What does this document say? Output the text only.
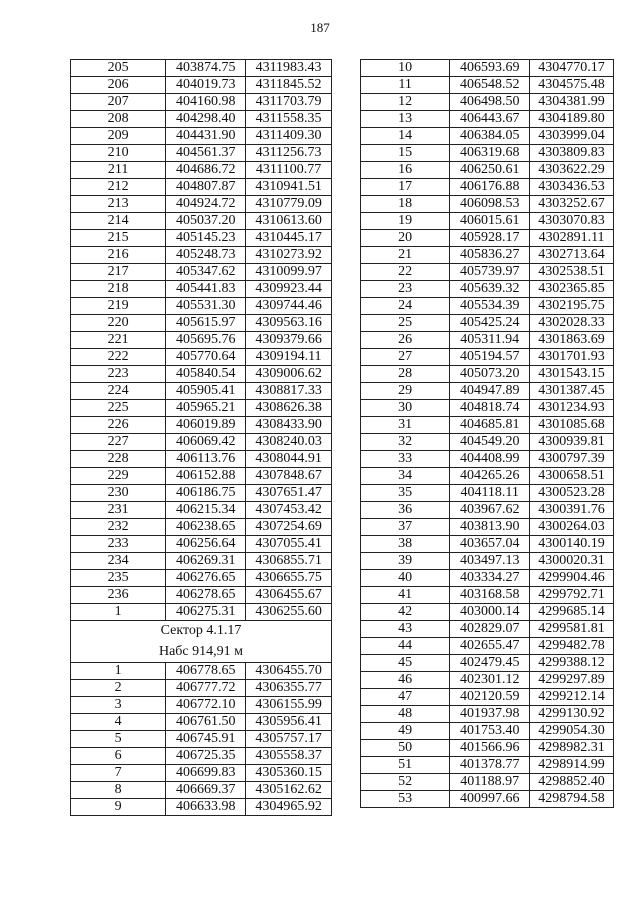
187
205	403874.75	4311983.43
206	404019.73	4311845.52
207	404160.98	4311703.79
208	404298.40	4311558.35
209	404431.90	4311409.30
210	404561.37	4311256.73
211	404686.72	4311100.77
212	404807.87	4310941.51
213	404924.72	4310779.09
214	405037.20	4310613.60
215	405145.23	4310445.17
216	405248.73	4310273.92
217	405347.62	4310099.97
218	405441.83	4309923.44
219	405531.30	4309744.46
220	405615.97	4309563.16
221	405695.76	4309379.66
222	405770.64	4309194.11
223	405840.54	4309006.62
224	405905.41	4308817.33
225	405965.21	4308626.38
226	406019.89	4308433.90
227	406069.42	4308240.03
228	406113.76	4308044.91
229	406152.88	4307848.67
230	406186.75	4307651.47
231	406215.34	4307453.42
232	406238.65	4307254.69
233	406256.64	4307055.41
234	406269.31	4306855.71
235	406276.65	4306655.75
236	406278.65	4306455.67
1	406275.31	4306255.60
Сектор 4.1.17		
Набс 914,91 м		
1	406778.65	4306455.70
2	406777.72	4306355.77
3	406772.10	4306155.99
4	406761.50	4305956.41
5	406745.91	4305757.17
6	406725.35	4305558.37
7	406699.83	4305360.15
8	406669.37	4305162.62
9	406633.98	4304965.92
10	406593.69	4304770.17
11	406548.52	4304575.48
12	406498.50	4304381.99
13	406443.67	4304189.80
14	406384.05	4303999.04
15	406319.68	4303809.83
16	406250.61	4303622.29
17	406176.88	4303436.53
18	406098.53	4303252.67
19	406015.61	4303070.83
20	405928.17	4302891.11
21	405836.27	4302713.64
22	405739.97	4302538.51
23	405639.32	4302365.85
24	405534.39	4302195.75
25	405425.24	4302028.33
26	405311.94	4301863.69
27	405194.57	4301701.93
28	405073.20	4301543.15
29	404947.89	4301387.45
30	404818.74	4301234.93
31	404685.81	4301085.68
32	404549.20	4300939.81
33	404408.99	4300797.39
34	404265.26	4300658.51
35	404118.11	4300523.28
36	403967.62	4300391.76
37	403813.90	4300264.03
38	403657.04	4300140.19
39	403497.13	4300020.31
40	403334.27	4299904.46
41	403168.58	4299792.71
42	403000.14	4299685.14
43	402829.07	4299581.81
44	402655.47	4299482.78
45	402479.45	4299388.12
46	402301.12	4299297.89
47	402120.59	4299212.14
48	401937.98	4299130.92
49	401753.40	4299054.30
50	401566.96	4298982.31
51	401378.77	4298914.99
52	401188.97	4298852.40
53	400997.66	4298794.58
